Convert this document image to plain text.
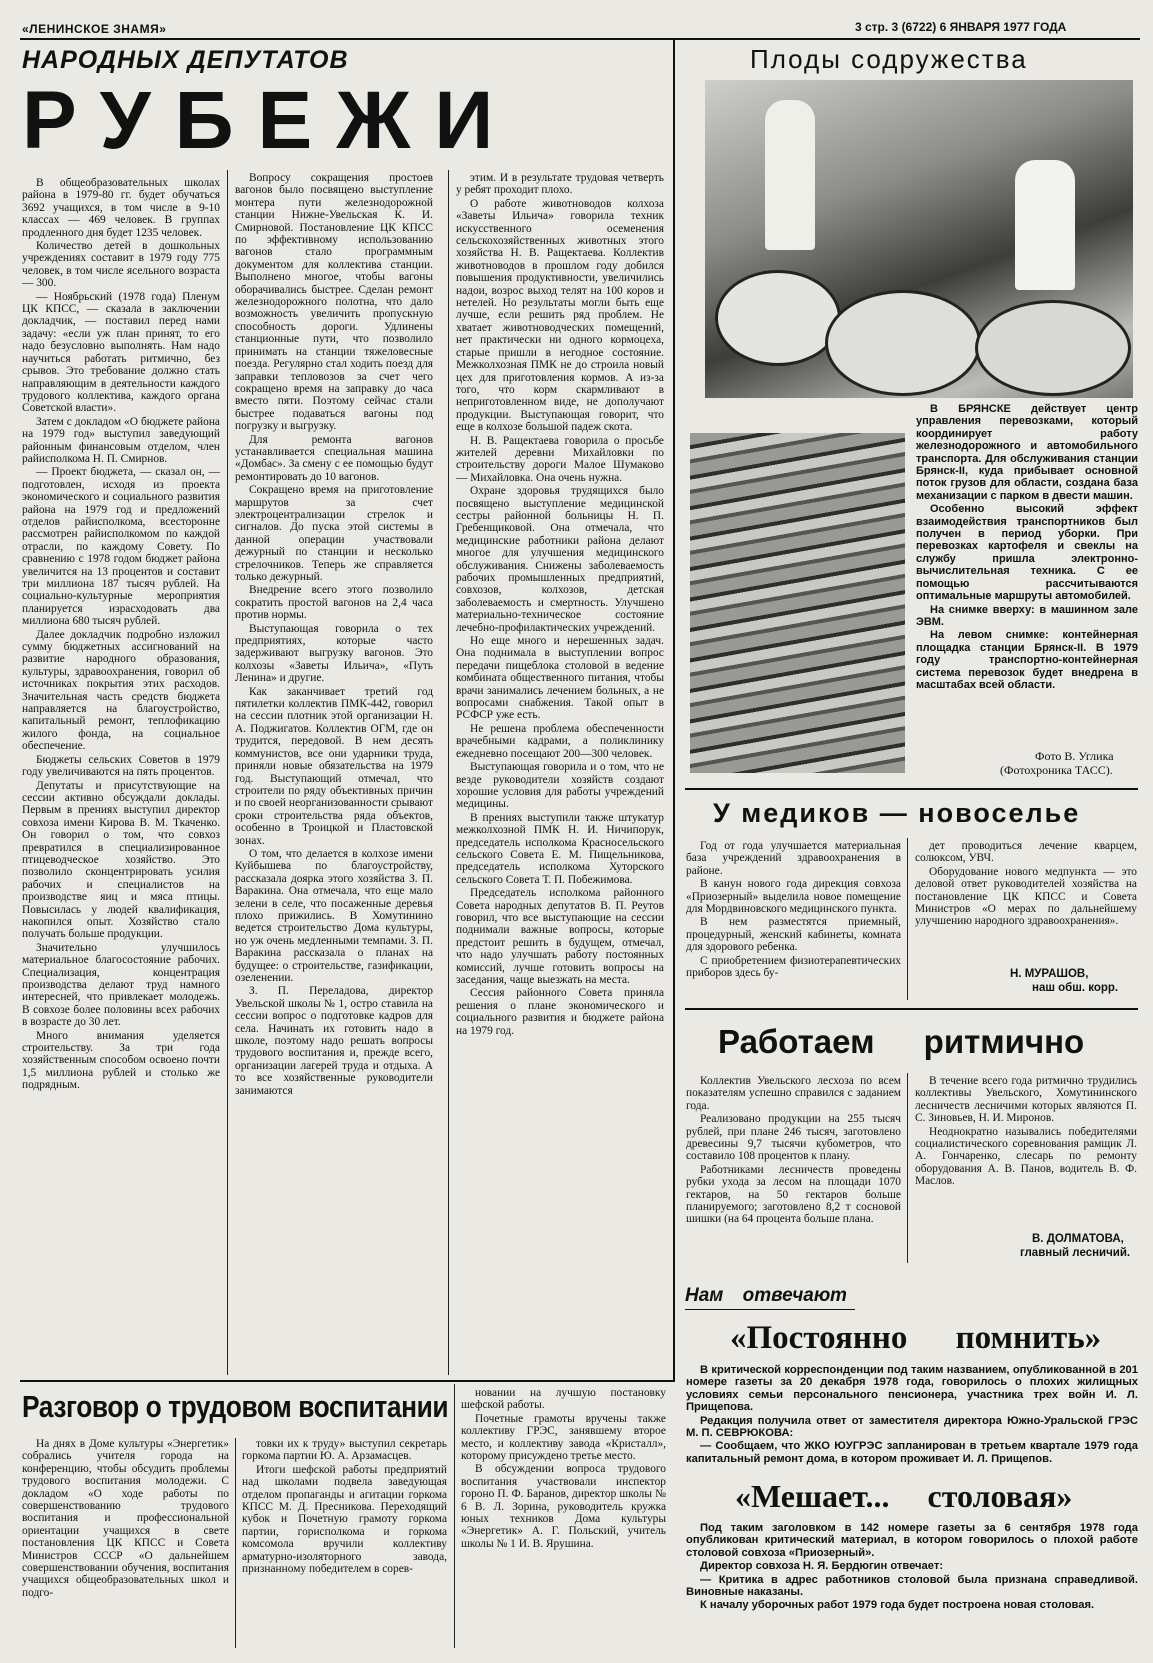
«ЛЕНИНСКОЕ ЗНАМЯ»	3 стр. 3 (6722) 6 ЯНВАРЯ 1977 ГОДА
НАРОДНЫХ ДЕПУТАТОВ
РУБЕЖИ

В общеобразовательных школах района в 1979-80 гг. будет обучаться 3692 учащихся, в том числе в 9-10 классах — 469 человек. В группах продленного дня будет 1235 человек.

Количество детей в дошкольных учреждениях составит в 1979 году 775 человек, в том числе ясельного возраста — 300.

— Ноябрьский (1978 года) Пленум ЦК КПСС, — сказала в заключении докладчик, — поставил перед нами задачу: «если уж план принят, то его надо безусловно выполнять. Нам надо научиться работать ритмично, без срывов. Это требование должно стать направляющим в деятельности каждого трудового коллектива, каждого органа Советской власти».

Затем с докладом «О бюджете района на 1979 год» выступил заведующий районным финансовым отделом, член райисполкома Н. П. Смирнов.

— Проект бюджета, — сказал он, — подготовлен, исходя из проекта экономического и социального развития района на 1979 год и предложений отделов райисполкома, всесторонне рассмотрен райисполкомом по каждой отрасли, по каждому Совету. По сравнению с 1978 годом бюджет района увеличится на 13 процентов и составит три миллиона 187 тысяч рублей. На социально-культурные мероприятия планируется израсходовать два миллиона 680 тысяч рублей.

Далее докладчик подробно изложил сумму бюджетных ассигнований на развитие народного образования, культуры, здравоохранения, говорил об источниках покрытия этих расходов. Значительная часть средств бюджета направляется на благоустройство, капитальный ремонт, теплофикацию жилого фонда, на социальное обеспечение.

Бюджеты сельских Советов в 1979 году увеличиваются на пять процентов.

Депутаты и присутствующие на сессии активно обсуждали доклады. Первым в прениях выступил директор совхоза имени Кирова В. М. Ткаченко. Он говорил о том, что совхоз превратился в специализированное птицеводческое хозяйство. Это позволило сконцентрировать усилия рабочих и специалистов на производстве яиц и мяса птицы. Повысилась у людей квалификация, накопился опыт. Хозяйство стало получать больше продукции.

Значительно улучшилось материальное благосостояние рабочих. Специализация, концентрация производства делают труд намного интересней, что привлекает молодежь. В совхозе более половины всех рабочих в возрасте до 30 лет.

Много внимания уделяется строительству. За три года хозяйственным способом освоено почти 1,5 миллиона рублей и столько же подрядным.

Вопросу сокращения простоев вагонов было посвящено выступление монтера пути железнодорожной станции Нижне-Увельская К. И. Смирновой. Постановление ЦК КПСС по эффективному использованию вагонов стало программным документом для коллектива станции. Выполнено многое, чтобы вагоны оборачивались быстрее. Сделан ремонт железнодорожного полотна, что дало возможность увеличить пропускную способность дороги. Удлинены станционные пути, что позволило принимать на станции тяжеловесные поезда. Регулярно стал ходить поезд для заправки тепловозов за счет чего сокращено время на заправку до часа вместо пяти. Поэтому сейчас стали быстрее подаваться вагоны под погрузку и выгрузку.

Для ремонта вагонов устанавливается специальная машина «Домбас». За смену с ее помощью будут ремонтировать до 10 вагонов.

Сокращено время на приготовление маршрутов за счет электроцентрализации стрелок и сигналов. До пуска этой системы в данной операции участвовали дежурный по станции и несколько стрелочников. Теперь же справляется только дежурный.

Внедрение всего этого позволило сократить простой вагонов на 2,4 часа против нормы.

Выступающая говорила о тех предприятиях, которые часто задерживают выгрузку вагонов. Это колхозы «Заветы Ильича», «Путь Ленина» и другие.

Как заканчивает третий год пятилетки коллектив ПМК-442, говорил на сессии плотник этой организации Н. А. Поджигатов. Коллектив ОГМ, где он трудится, передовой. В нем десять коммунистов, все они ударники труда, приняли новые обязательства на 1979 год. Выступающий отмечал, что строители по ряду объективных причин и по своей неорганизованности срывают сроки строительства ряда объектов, особенно в Троицкой и Пластовской зонах.

О том, что делается в колхозе имени Куйбышева по благоустройству, рассказала доярка этого хозяйства З. П. Варакина. Она отмечала, что еще мало зелени в селе, что посаженные деревья плохо прижились. В Хомутинино ведется строительство Дома культуры, но уж очень медленными темпами. З. П. Варакина рассказала о планах на будущее: о строительстве, газификации, озеленении.

З. П. Переладова, директор Увельской школы № 1, остро ставила на сессии вопрос о подготовке кадров для села. Начинать их готовить надо в школе, поэтому надо решать вопросы трудового воспитания и, прежде всего, организации лагерей труда и отдыха. А то все хозяйственные руководители занимаются

этим. И в результате трудовая четверть у ребят проходит плохо.

О работе животноводов колхоза «Заветы Ильича» говорила техник искусственного осеменения сельскохозяйственных животных этого хозяйства Н. В. Ращектаева. Коллектив животноводов в прошлом году добился повышения продуктивности, увеличились надои, возрос выход телят на 100 коров и нетелей. Но результаты могли быть еще лучше, если решить ряд проблем. Не хватает животноводческих помещений, нет практически ни одного кормоцеха, старые пришли в негодное состояние. Межколхозная ПМК не до строила новый цех для приготовления кормов. А из-за того, что корм скармливают в неприготовленном виде, не дополучают продукции. Выступающая говорит, что еще в колхозе большой падеж скота.

Н. В. Ращектаева говорила о просьбе жителей деревни Михайловки по строительству дороги Малое Шумаково — Михайловка. Она очень нужна.

Охране здоровья трудящихся было посвящено выступление медицинской сестры районной больницы Н. П. Гребенщиковой. Она отмечала, что медицинские работники района делают многое для улучшения медицинского обслуживания. Снижены заболеваемость рабочих промышленных предприятий, совхозов, колхозов, детская заболеваемость и смертность. Улучшено материально-техническое состояние лечебно-профилактических учреждений.

Но еще много и нерешенных задач. Она поднимала в выступлении вопрос передачи пищеблока столовой в ведение комбината общественного питания, чтобы врачи занимались лечением больных, а не вопросами снабжения. Такой опыт в РСФСР уже есть.

Не решена проблема обеспеченности врачебными кадрами, а поликлинику ежедневно посещают 200—300 человек.

Выступающая говорила и о том, что не везде руководители хозяйств создают хорошие условия для работы учреждений медицины.

В прениях выступили также штукатур межколхозной ПМК Н. И. Ничипорук, председатель исполкома Красносельского сельского Совета Е. М. Пищельникова, председатель исполкома Хуторского сельского Совета Т. П. Побежимова.

Председатель исполкома районного Совета народных депутатов В. П. Реутов говорил, что все выступающие на сессии поднимали важные вопросы, которые предстоит решить в будущем, отмечал, что надо улучшать работу постоянных комиссий, лучше готовить вопросы на заседания, чаще выезжать на места.

Сессия районного Совета приняла решения о плане экономического и социального развития и бюджете района на 1979 год.

Плоды содружества

В БРЯНСКЕ действует центр управления перевозками, который координирует работу железнодорожного и автомобильного транспорта. Для обслуживания станции Брянск-II, куда прибывает основной поток грузов для области, создана база механизации с парком в двести машин.

Особенно высокий эффект взаимодействия транспортников был получен в период уборки. При перевозках картофеля и свеклы на службу пришла электронно-вычислительная техника. С ее помощью рассчитываются оптимальные маршруты автомобилей.

На снимке вверху: в машинном зале ЭВМ.

На левом снимке: контейнерная площадка станции Брянск-II. В 1979 году транспортно-контейнерная система перевозок будет внедрена в масштабах всей области.

Фото В. Углика
(Фотохроника ТАСС).
У медиков — новоселье

Год от года улучшается материальная база учреждений здравоохранения в районе.

В канун нового года дирекция совхоза «Приозерный» выделила новое помещение для Мордвиновского медицинского пункта.

В нем разместятся приемный, процедурный, женский кабинеты, комната для здорового ребенка.

С приобретением физиотерапевтических приборов здесь бу-

дет проводиться лечение кварцем, солюксом, УВЧ.

Оборудование нового медпункта — это деловой ответ руководителей хозяйства на постановление ЦК КПСС и Совета Министров «О мерах по дальнейшему улучшению народного здравоохранения».

Н. МУРАШОВ,
наш обш. корр.
Работаем ритмично

Коллектив Увельского лесхоза по всем показателям успешно справился с заданием года.

Реализовано продукции на 255 тысяч рублей, при плане 246 тысяч, заготовлено древесины 9,7 тысячи кубометров, что составило 108 процентов к плану.

Работниками лесничеств проведены рубки ухода за лесом на площади 1070 гектаров, на 50 гектаров больше планируемого; заготовлено 8,2 т сосновой шишки (на 64 процента больше плана.

В течение всего года ритмично трудились коллективы Увельского, Хомутининского лесничеств лесничими которых являются П. С. Зиновьев, Н. И. Миронов.

Неоднократно назывались победителями социалистического соревнования рамщик Л. А. Гончаренко, слесарь по ремонту оборудования А. В. Панов, водитель В. Ф. Маслов.

В. ДОЛМАТОВА,
главный лесничий.
Нам отвечают
«Постоянно помнить»

В критической корреспонденции под таким названием, опубликованной в 201 номере газеты за 20 декабря 1978 года, говорилось о плохих жилищных условиях семьи персонального пенсионера, участника трех войн И. Л. Прищепова.

Редакция получила ответ от заместителя директора Южно-Уральской ГРЭС М. П. СЕВРЮКОВА:

— Сообщаем, что ЖКО ЮУГРЭС запланирован в третьем квартале 1979 года капитальный ремонт дома, в котором проживает И. Л. Прищепов.

«Мешает... столовая»

Под таким заголовком в 142 номере газеты за 6 сентября 1978 года опубликован критический материал, в котором говорилось о плохой работе столовой совхоза «Приозерный».

Директор совхоза Н. Я. Бердюгин отвечает:

— Критика в адрес работников столовой была признана справедливой. Виновные наказаны.

К началу уборочных работ 1979 года будет построена новая столовая.

Разговор о трудовом воспитании

На днях в Доме культуры «Энергетик» собрались учителя города на конференцию, чтобы обсудить проблемы трудового воспитания молодежи. С докладом «О ходе работы по совершенствованию трудового воспитания и профессиональной ориентации учащихся в свете постановления ЦК КПСС и Совета Министров СССР «О дальнейшем совершенствовании обучения, воспитания учащихся общеобразовательных школ и подго-

товки их к труду» выступил секретарь горкома партии Ю. А. Арзамасцев.

Итоги шефской работы предприятий над школами подвела заведующая отделом пропаганды и агитации горкома КПСС М. Д. Пресникова. Переходящий кубок и Почетную грамоту горкома партии, горисполкома и горкома комсомола вручили коллективу арматурно-изоляторного завода, признанному победителем в сорев-

новании на лучшую постановку шефской работы.

Почетные грамоты вручены также коллективу ГРЭС, занявшему второе место, и коллективу завода «Кристалл», которому присуждено третье место.

В обсуждении вопроса трудового воспитания участвовали инспектор гороно П. Ф. Баранов, директор школы № 6 В. Л. Зорина, руководитель кружка юных техников Дома культуры «Энергетик» А. Г. Польский, учитель школы № 1 И. В. Ярушина.
